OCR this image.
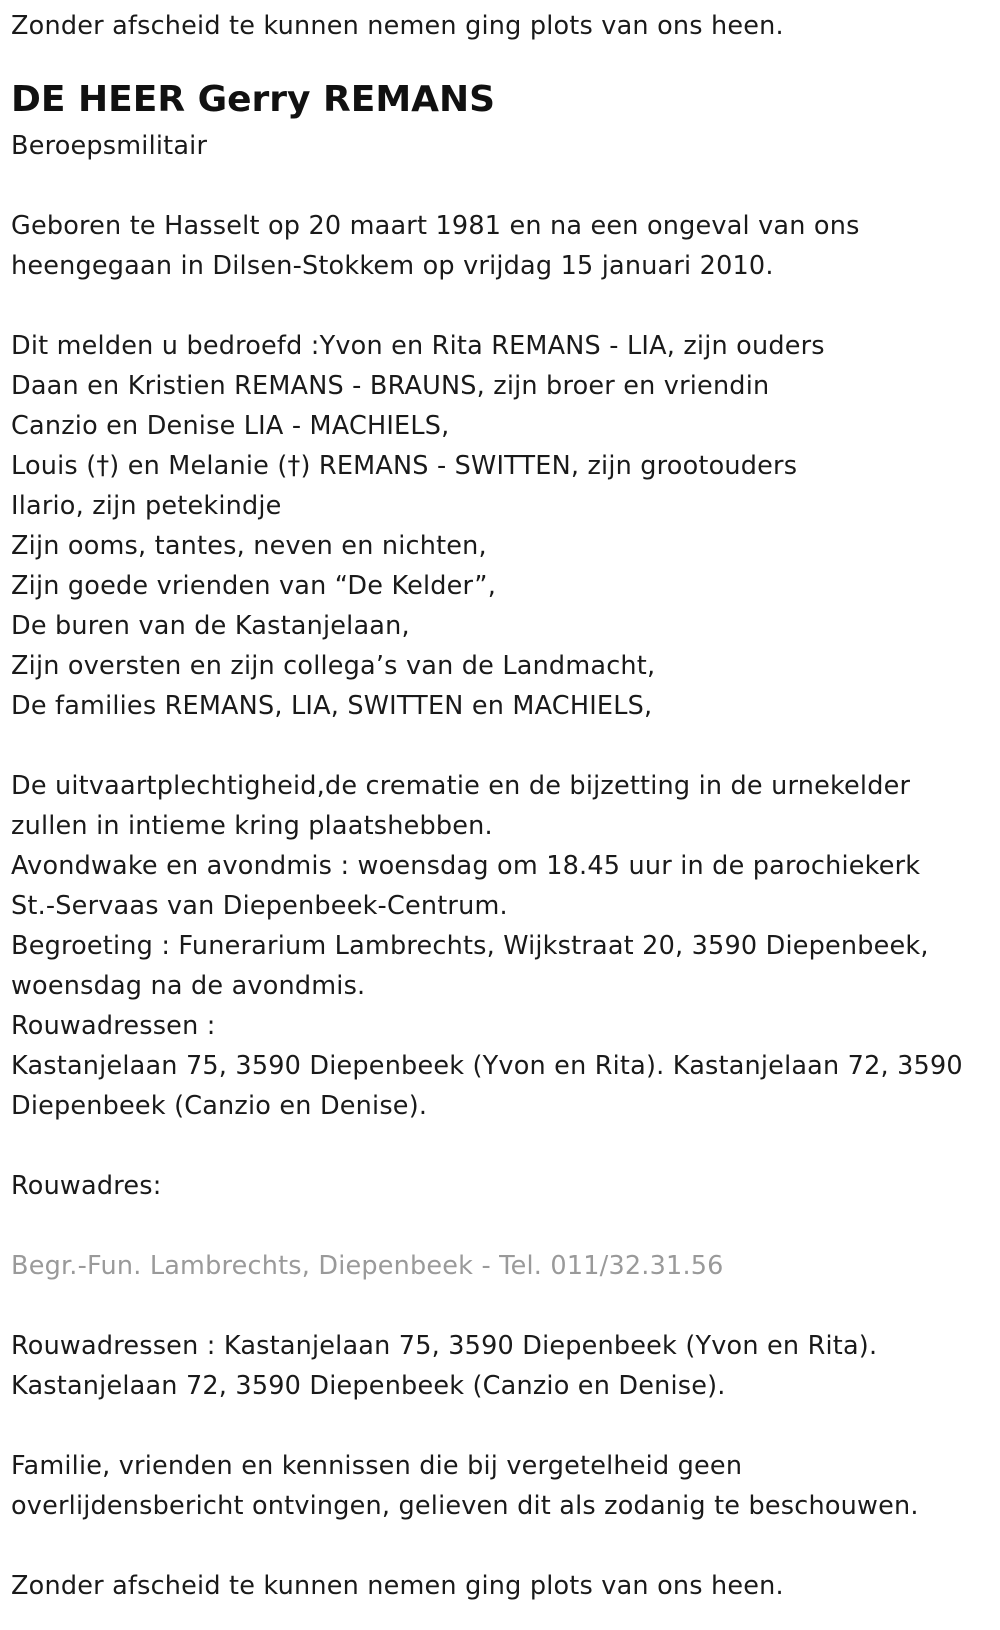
Zonder afscheid te kunnen nemen ging plots van ons heen.
DE HEER Gerry REMANS
Beroepsmilitair
Geboren te Hasselt op 20 maart 1981 en na een ongeval van ons
heengegaan in Dilsen-Stokkem op vrijdag 15 januari 2010.
Dit melden u bedroefd :Yvon en Rita REMANS - LIA, zijn ouders
Daan en Kristien REMANS - BRAUNS, zijn broer en vriendin
Canzio en Denise LIA - MACHIELS,
Louis (†) en Melanie (†) REMANS - SWITTEN, zijn grootouders
Ilario, zijn petekindje
Zijn ooms, tantes, neven en nichten,
Zijn goede vrienden van “De Kelder”,
De buren van de Kastanjelaan,
Zijn oversten en zijn collega’s van de Landmacht,
De families REMANS, LIA, SWITTEN en MACHIELS,
De uitvaartplechtigheid,de crematie en de bijzetting in de urnekelder
zullen in intieme kring plaatshebben.
Avondwake en avondmis : woensdag om 18.45 uur in de parochiekerk
St.-Servaas van Diepenbeek-Centrum.
Begroeting : Funerarium Lambrechts, Wijkstraat 20, 3590 Diepenbeek,
woensdag na de avondmis.
Rouwadressen :
Kastanjelaan 75, 3590 Diepenbeek (Yvon en Rita). Kastanjelaan 72, 3590
Diepenbeek (Canzio en Denise).
Rouwadres:
Begr.-Fun. Lambrechts, Diepenbeek - Tel. 011/32.31.56
Rouwadressen : Kastanjelaan 75, 3590 Diepenbeek (Yvon en Rita).
Kastanjelaan 72, 3590 Diepenbeek (Canzio en Denise).
Familie, vrienden en kennissen die bij vergetelheid geen
overlijdensbericht ontvingen, gelieven dit als zodanig te beschouwen.
Zonder afscheid te kunnen nemen ging plots van ons heen.
